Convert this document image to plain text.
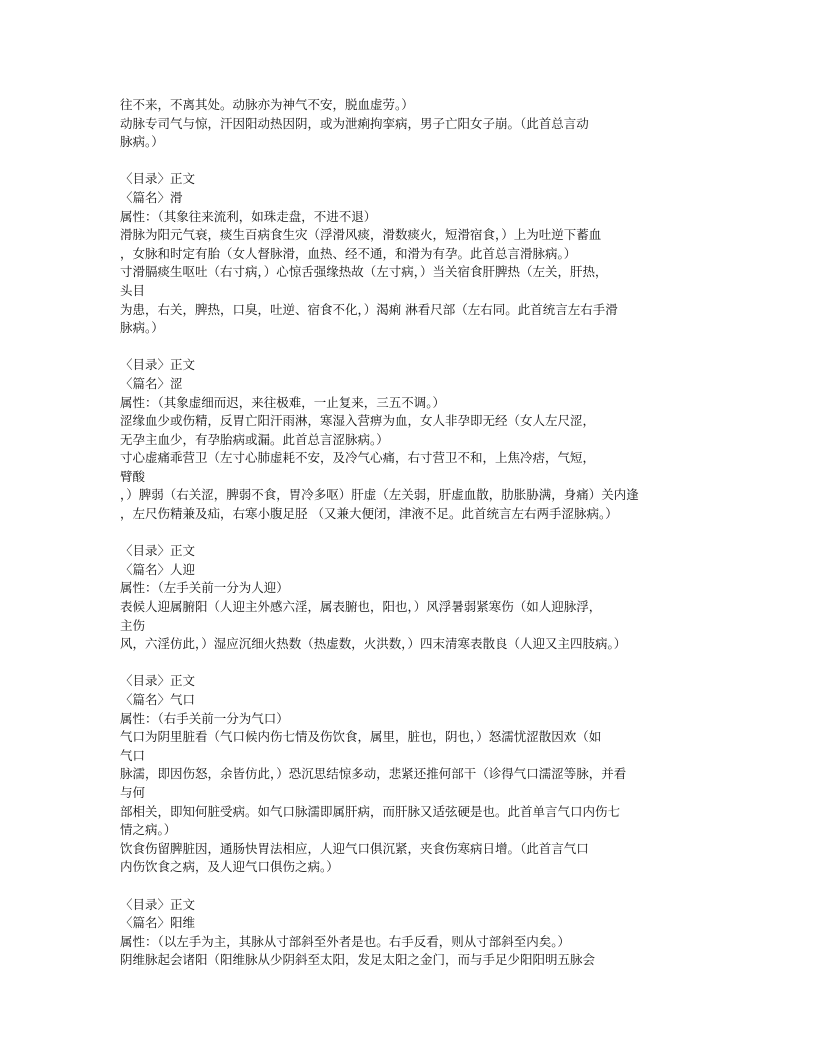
往不来，不离其处。动脉亦为神气不安，脱血虚劳。）
动脉专司气与惊，汗因阳动热因阴，或为泄痢拘挛病，男子亡阳女子崩。（此首总言动
脉病。）
〈目录〉正文
〈篇名〉滑
属性：（其象往来流利，如珠走盘，不进不退）
滑脉为阳元气衰，痰生百病食生灾（浮滑风痰，滑数痰火，短滑宿食，）上为吐逆下蓄血
，女脉和时定有胎（女人督脉滑，血热、经不通，和滑为有孕。此首总言滑脉病。）
寸滑膈痰生呕吐（右寸病，）心惊舌强缘热故（左寸病，）当关宿食肝脾热（左关，肝热，
头目
为患，右关，脾热，口臭，吐逆、宿食不化，）渴痢 淋看尺部（左右同。此首统言左右手滑
脉病。）
〈目录〉正文
〈篇名〉涩
属性：（其象虚细而迟，来往极难，一止复来，三五不调。）
涩缘血少或伤精，反胃亡阳汗雨淋，寒湿入营痹为血，女人非孕即无经（女人左尺涩，
无孕主血少，有孕胎病或漏。此首总言涩脉病。）
寸心虚痛乖营卫（左寸心肺虚耗不安，及冷气心痛，右寸营卫不和，上焦冷痞，气短，
臂酸
，）脾弱（右关涩，脾弱不食，胃冷多呕）肝虚（左关弱，肝虚血散，肋胀胁满，身痛）关内逢
，左尺伤精兼及疝，右寒小腹足胫 （又兼大便闭，津液不足。此首统言左右两手涩脉病。）
〈目录〉正文
〈篇名〉人迎
属性：（左手关前一分为人迎）
表候人迎属腑阳（人迎主外感六淫，属表腑也，阳也，）风浮暑弱紧寒伤（如人迎脉浮，
主伤
风，六淫仿此，）湿应沉细火热数（热虚数，火洪数，）四末清寒表散良（人迎又主四肢病。）
〈目录〉正文
〈篇名〉气口
属性：（右手关前一分为气口）
气口为阴里脏看（气口候内伤七情及伤饮食，属里，脏也，阴也，）怒濡忧涩散因欢（如
气口
脉濡，即因伤怒，余皆仿此，）恐沉思结惊多动，悲紧还推何部干（诊得气口濡涩等脉，并看
与何
部相关，即知何脏受病。如气口脉濡即属肝病，而肝脉又适弦硬是也。此首单言气口内伤七
情之病。）
饮食伤留脾脏因，通肠快胃法相应，人迎气口俱沉紧，夹食伤寒病日增。（此首言气口
内伤饮食之病，及人迎气口俱伤之病。）
〈目录〉正文
〈篇名〉阳维
属性：（以左手为主，其脉从寸部斜至外者是也。右手反看，则从寸部斜至内矣。）
阴维脉起会诸阳（阳维脉从少阴斜至太阳，发足太阳之金门，而与手足少阳阳明五脉会
